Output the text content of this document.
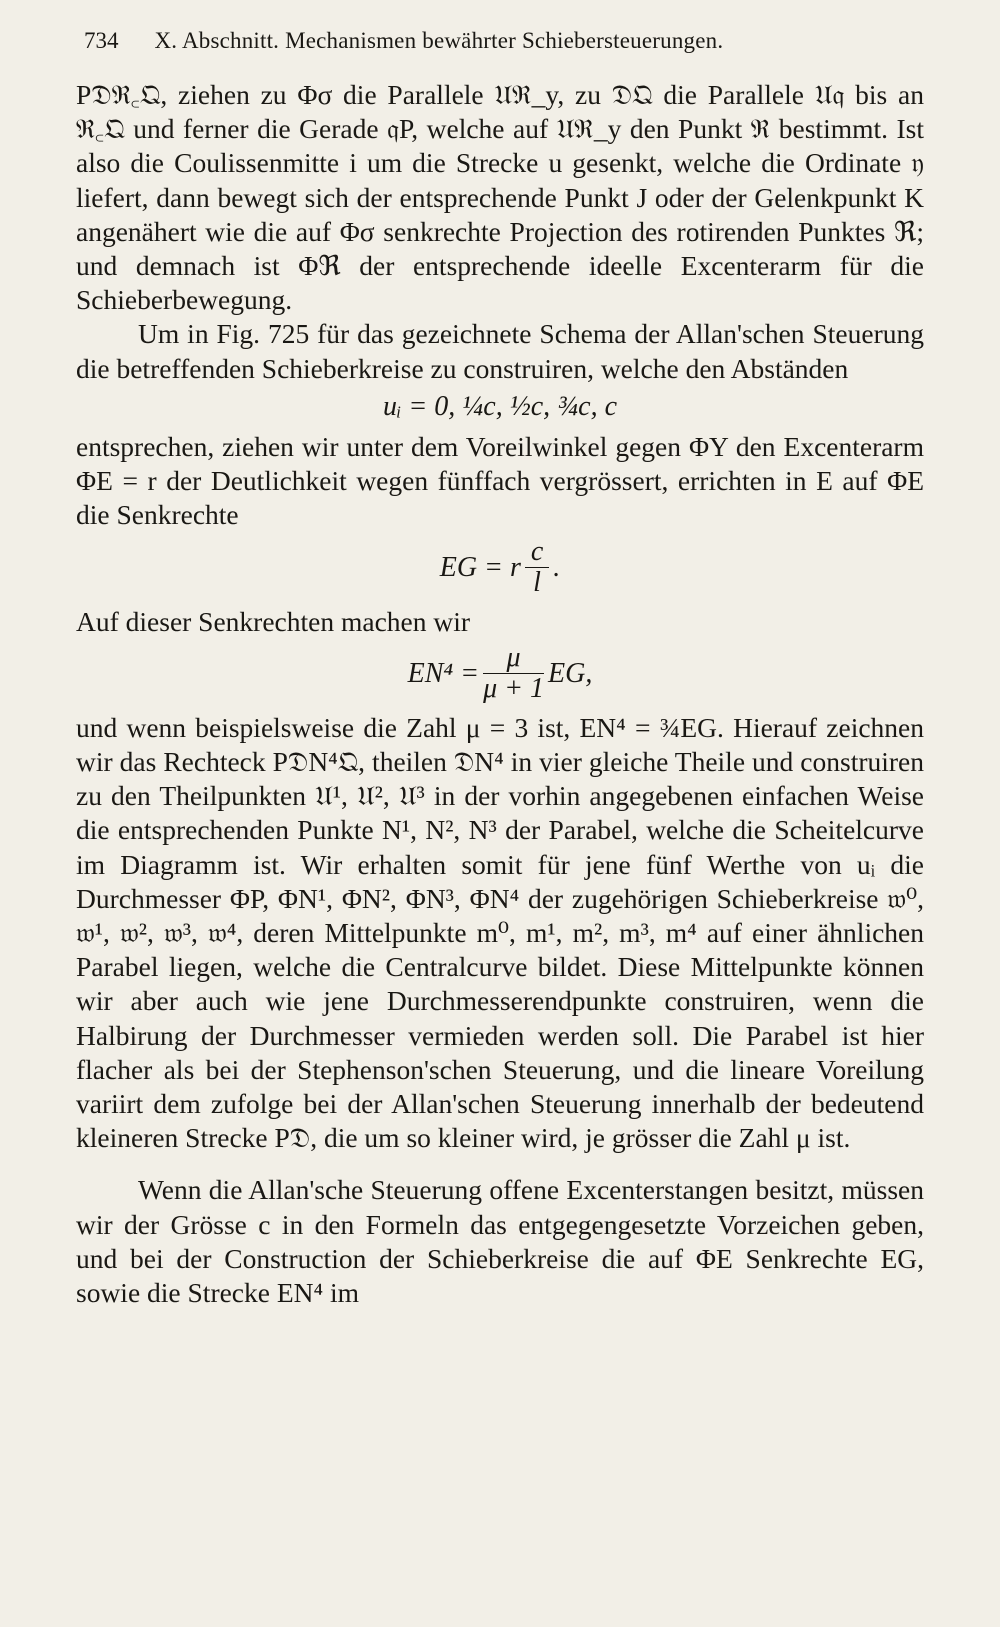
734 X. Abschnitt. Mechanismen bewährter Schiebersteuerungen.

P𝔇ℜ꜀𝔔, ziehen zu Φσ die Parallele 𝔘ℜ_y, zu 𝔇𝔔 die Parallele 𝔘𝔮 bis an ℜ꜀𝔔 und ferner die Gerade 𝔮P, welche auf 𝔘ℜ_y den Punkt ℜ bestimmt. Ist also die Coulissenmitte i um die Strecke u gesenkt, welche die Ordinate 𝔶 liefert, dann bewegt sich der entsprechende Punkt J oder der Gelenkpunkt K angenähert wie die auf Φσ senkrechte Projection des rotirenden Punktes ℜ; und demnach ist Φℜ der entsprechende ideelle Excenterarm für die Schieberbewegung.

Um in Fig. 725 für das gezeichnete Schema der Allan'schen Steuerung die betreffenden Schieberkreise zu construiren, welche den Abständen

uᵢ = 0, ¼c, ½c, ¾c, c

entsprechen, ziehen wir unter dem Voreilwinkel gegen ΦY den Excenterarm ΦE = r der Deutlichkeit wegen fünffach vergrössert, errichten in E auf ΦE die Senkrechte

EG = r $\frac{c}{l}$ .

Auf dieser Senkrechten machen wir

$EN^4 = \frac{\mu}{\mu + 1}$ EG,

und wenn beispielsweise die Zahl μ = 3 ist, EN⁴ = ¾EG. Hierauf zeichnen wir das Rechteck P𝔇N⁴𝔔, theilen 𝔇N⁴ in vier gleiche Theile und construiren zu den Theilpunkten 𝔘¹, 𝔘², 𝔘³ in der vorhin angegebenen einfachen Weise die entsprechenden Punkte N¹, N², N³ der Parabel, welche die Scheitelcurve im Diagramm ist. Wir erhalten somit für jene fünf Werthe von uᵢ die Durchmesser ΦP, ΦN¹, ΦN², ΦN³, ΦN⁴ der zugehörigen Schieberkreise 𝔴⁰, 𝔴¹, 𝔴², 𝔴³, 𝔴⁴, deren Mittelpunkte m⁰, m¹, m², m³, m⁴ auf einer ähnlichen Parabel liegen, welche die Centralcurve bildet. Diese Mittelpunkte können wir aber auch wie jene Durchmesserendpunkte construiren, wenn die Halbirung der Durchmesser vermieden werden soll. Die Parabel ist hier flacher als bei der Stephenson'schen Steuerung, und die lineare Voreilung variirt dem zufolge bei der Allan'schen Steuerung innerhalb der bedeutend kleineren Strecke P𝔇, die um so kleiner wird, je grösser die Zahl μ ist.

Wenn die Allan'sche Steuerung offene Excenterstangen besitzt, müssen wir der Grösse c in den Formeln das entgegengesetzte Vorzeichen geben, und bei der Construction der Schieberkreise die auf ΦE Senkrechte EG, sowie die Strecke EN⁴ im
